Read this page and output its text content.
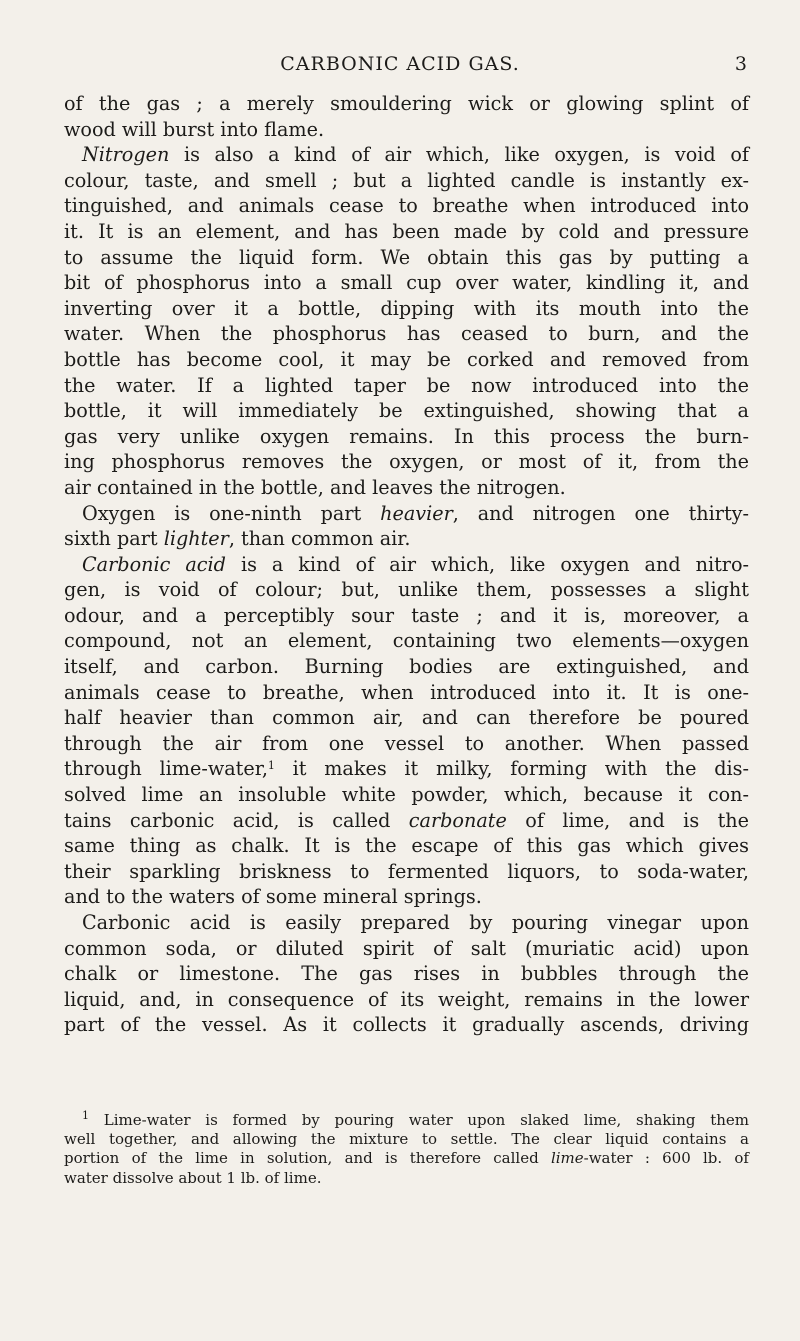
CARBONIC ACID GAS.	3
of the gas ; a merely smouldering wick or glowing splint of
wood will burst into flame.
Nitrogen is also a kind of air which, like oxygen, is void of
colour, taste, and smell ; but a lighted candle is instantly ex-
tinguished, and animals cease to breathe when introduced into
it. It is an element, and has been made by cold and pressure
to assume the liquid form. We obtain this gas by putting a
bit of phosphorus into a small cup over water, kindling it, and
inverting over it a bottle, dipping with its mouth into the
water. When the phosphorus has ceased to burn, and the
bottle has become cool, it may be corked and removed from
the water. If a lighted taper be now introduced into the
bottle, it will immediately be extinguished, showing that a
gas very unlike oxygen remains. In this process the burn-
ing phosphorus removes the oxygen, or most of it, from the
air contained in the bottle, and leaves the nitrogen.
Oxygen is one-ninth part heavier, and nitrogen one thirty-
sixth part lighter, than common air.
Carbonic acid is a kind of air which, like oxygen and nitro-
gen, is void of colour; but, unlike them, possesses a slight
odour, and a perceptibly sour taste ; and it is, moreover, a
compound, not an element, containing two elements—oxygen
itself, and carbon. Burning bodies are extinguished, and
animals cease to breathe, when introduced into it. It is one-
half heavier than common air, and can therefore be poured
through the air from one vessel to another. When passed
through lime-water,$^1$ it makes it milky, forming with the dis-
solved lime an insoluble white powder, which, because it con-
tains carbonic acid, is called carbonate of lime, and is the
same thing as chalk. It is the escape of this gas which gives
their sparkling briskness to fermented liquors, to soda-water,
and to the waters of some mineral springs.
Carbonic acid is easily prepared by pouring vinegar upon
common soda, or diluted spirit of salt (muriatic acid) upon
chalk or limestone. The gas rises in bubbles through the
liquid, and, in consequence of its weight, remains in the lower
part of the vessel. As it collects it gradually ascends, driving
$^1$ Lime-water is formed by pouring water upon slaked lime, shaking them
well together, and allowing the mixture to settle. The clear liquid contains a
portion of the lime in solution, and is therefore called lime-water : 600 lb. of
water dissolve about 1 lb. of lime.
